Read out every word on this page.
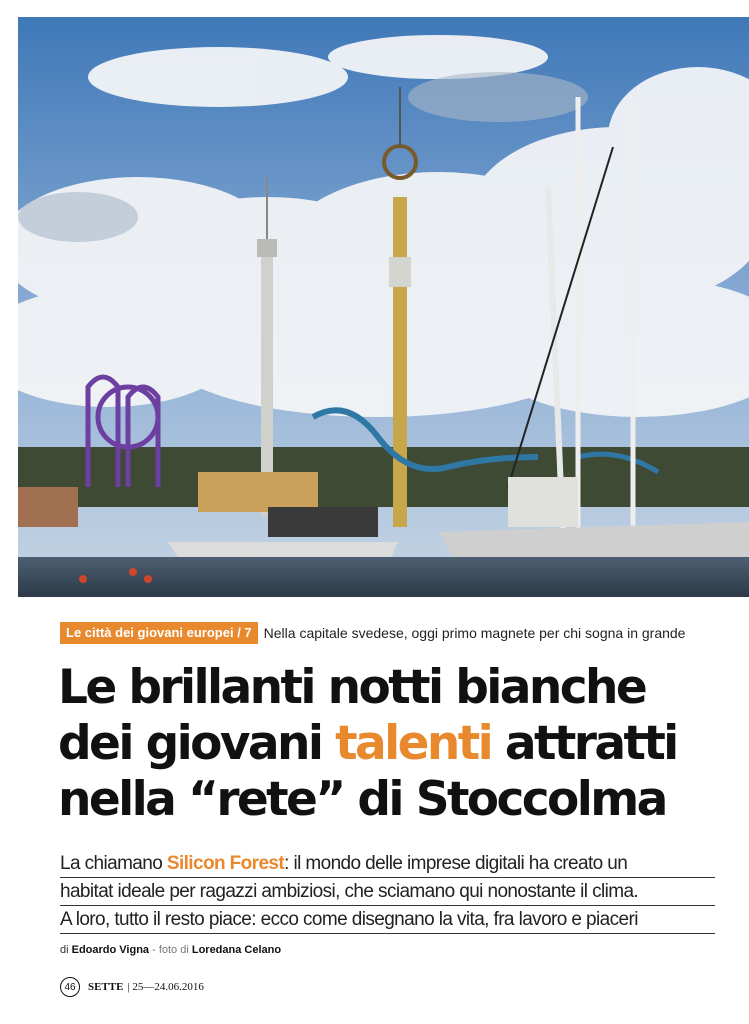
Le città dei giovani europei / 7 Nella capitale svedese, oggi primo magnete per chi sogna in grande
Le brillanti notti bianche
dei giovani talenti attratti
nella “rete” di Stoccolma
La chiamano Silicon Forest: il mondo delle imprese digitali ha creato un
habitat ideale per ragazzi ambiziosi, che sciamano qui nonostante il clima.
A loro, tutto il resto piace: ecco come disegnano la vita, fra lavoro e piaceri
di Edoardo Vigna - foto di Loredana Celano
46	SETTE | 25—24.06.2016
